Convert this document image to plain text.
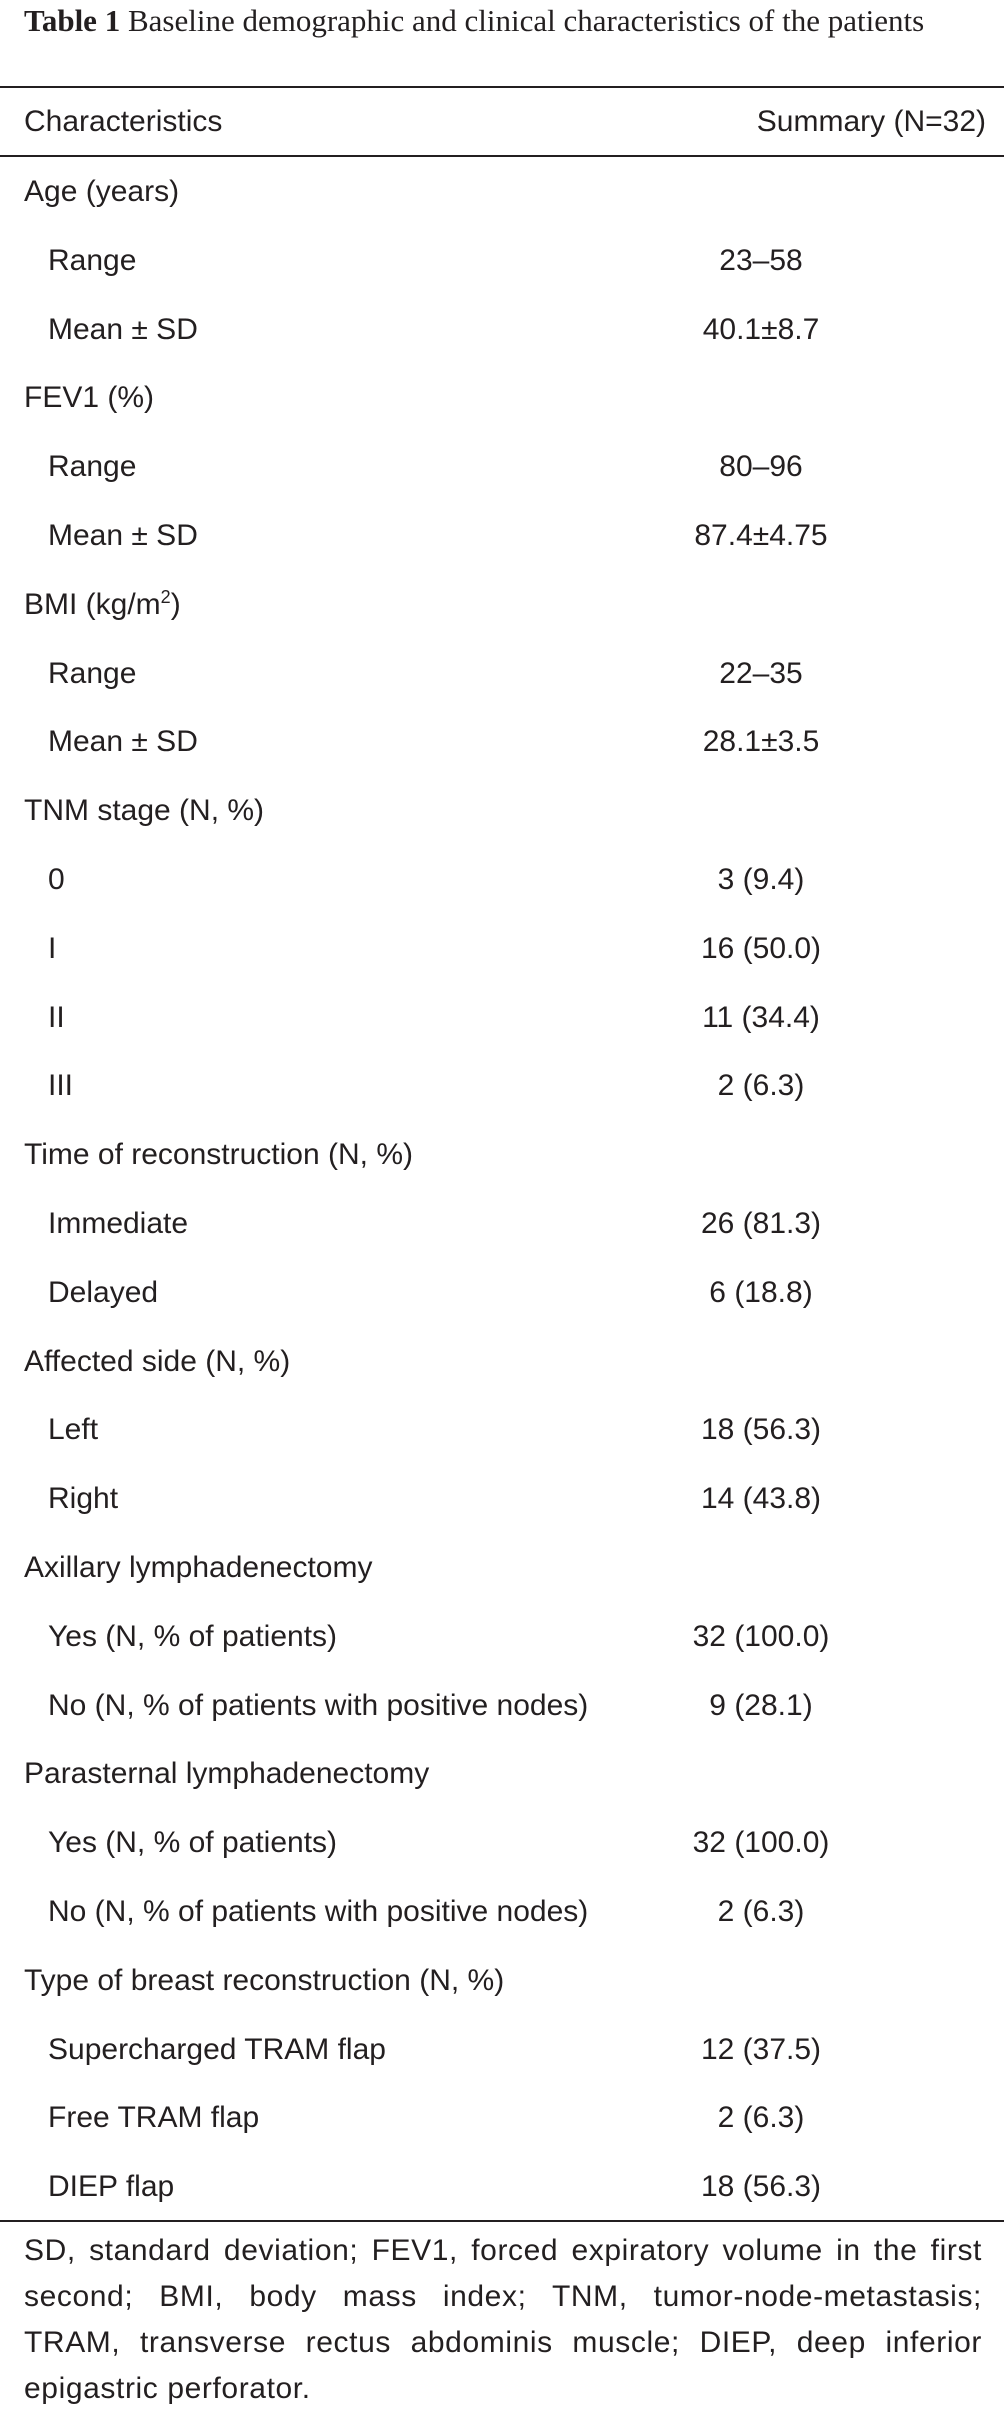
Table 1 Baseline demographic and clinical characteristics of the patients
Characteristics	Summary (N=32)
Age (years)
Range	23–58
Mean ± SD	40.1±8.7
FEV1 (%)
Range	80–96
Mean ± SD	87.4±4.75
BMI $(kg/m^2)$
Range	22–35
Mean ± SD	28.1±3.5
TNM stage (N, %)
0	3 (9.4)
I	16 (50.0)
II	11 (34.4)
III	2 (6.3)
Time of reconstruction (N, %)
Immediate	26 (81.3)
Delayed	6 (18.8)
Affected side (N, %)
Left	18 (56.3)
Right	14 (43.8)
Axillary lymphadenectomy
Yes (N, % of patients)	32 (100.0)
No (N, % of patients with positive nodes)	9 (28.1)
Parasternal lymphadenectomy
Yes (N, % of patients)	32 (100.0)
No (N, % of patients with positive nodes)	2 (6.3)
Type of breast reconstruction (N, %)
Supercharged TRAM flap	12 (37.5)
Free TRAM flap	2 (6.3)
DIEP flap	18 (56.3)
SD, standard deviation; FEV1, forced expiratory volume in the first second; BMI, body mass index; TNM, tumor-node-metastasis; TRAM, transverse rectus abdominis muscle; DIEP, deep inferior epigastric perforator.
